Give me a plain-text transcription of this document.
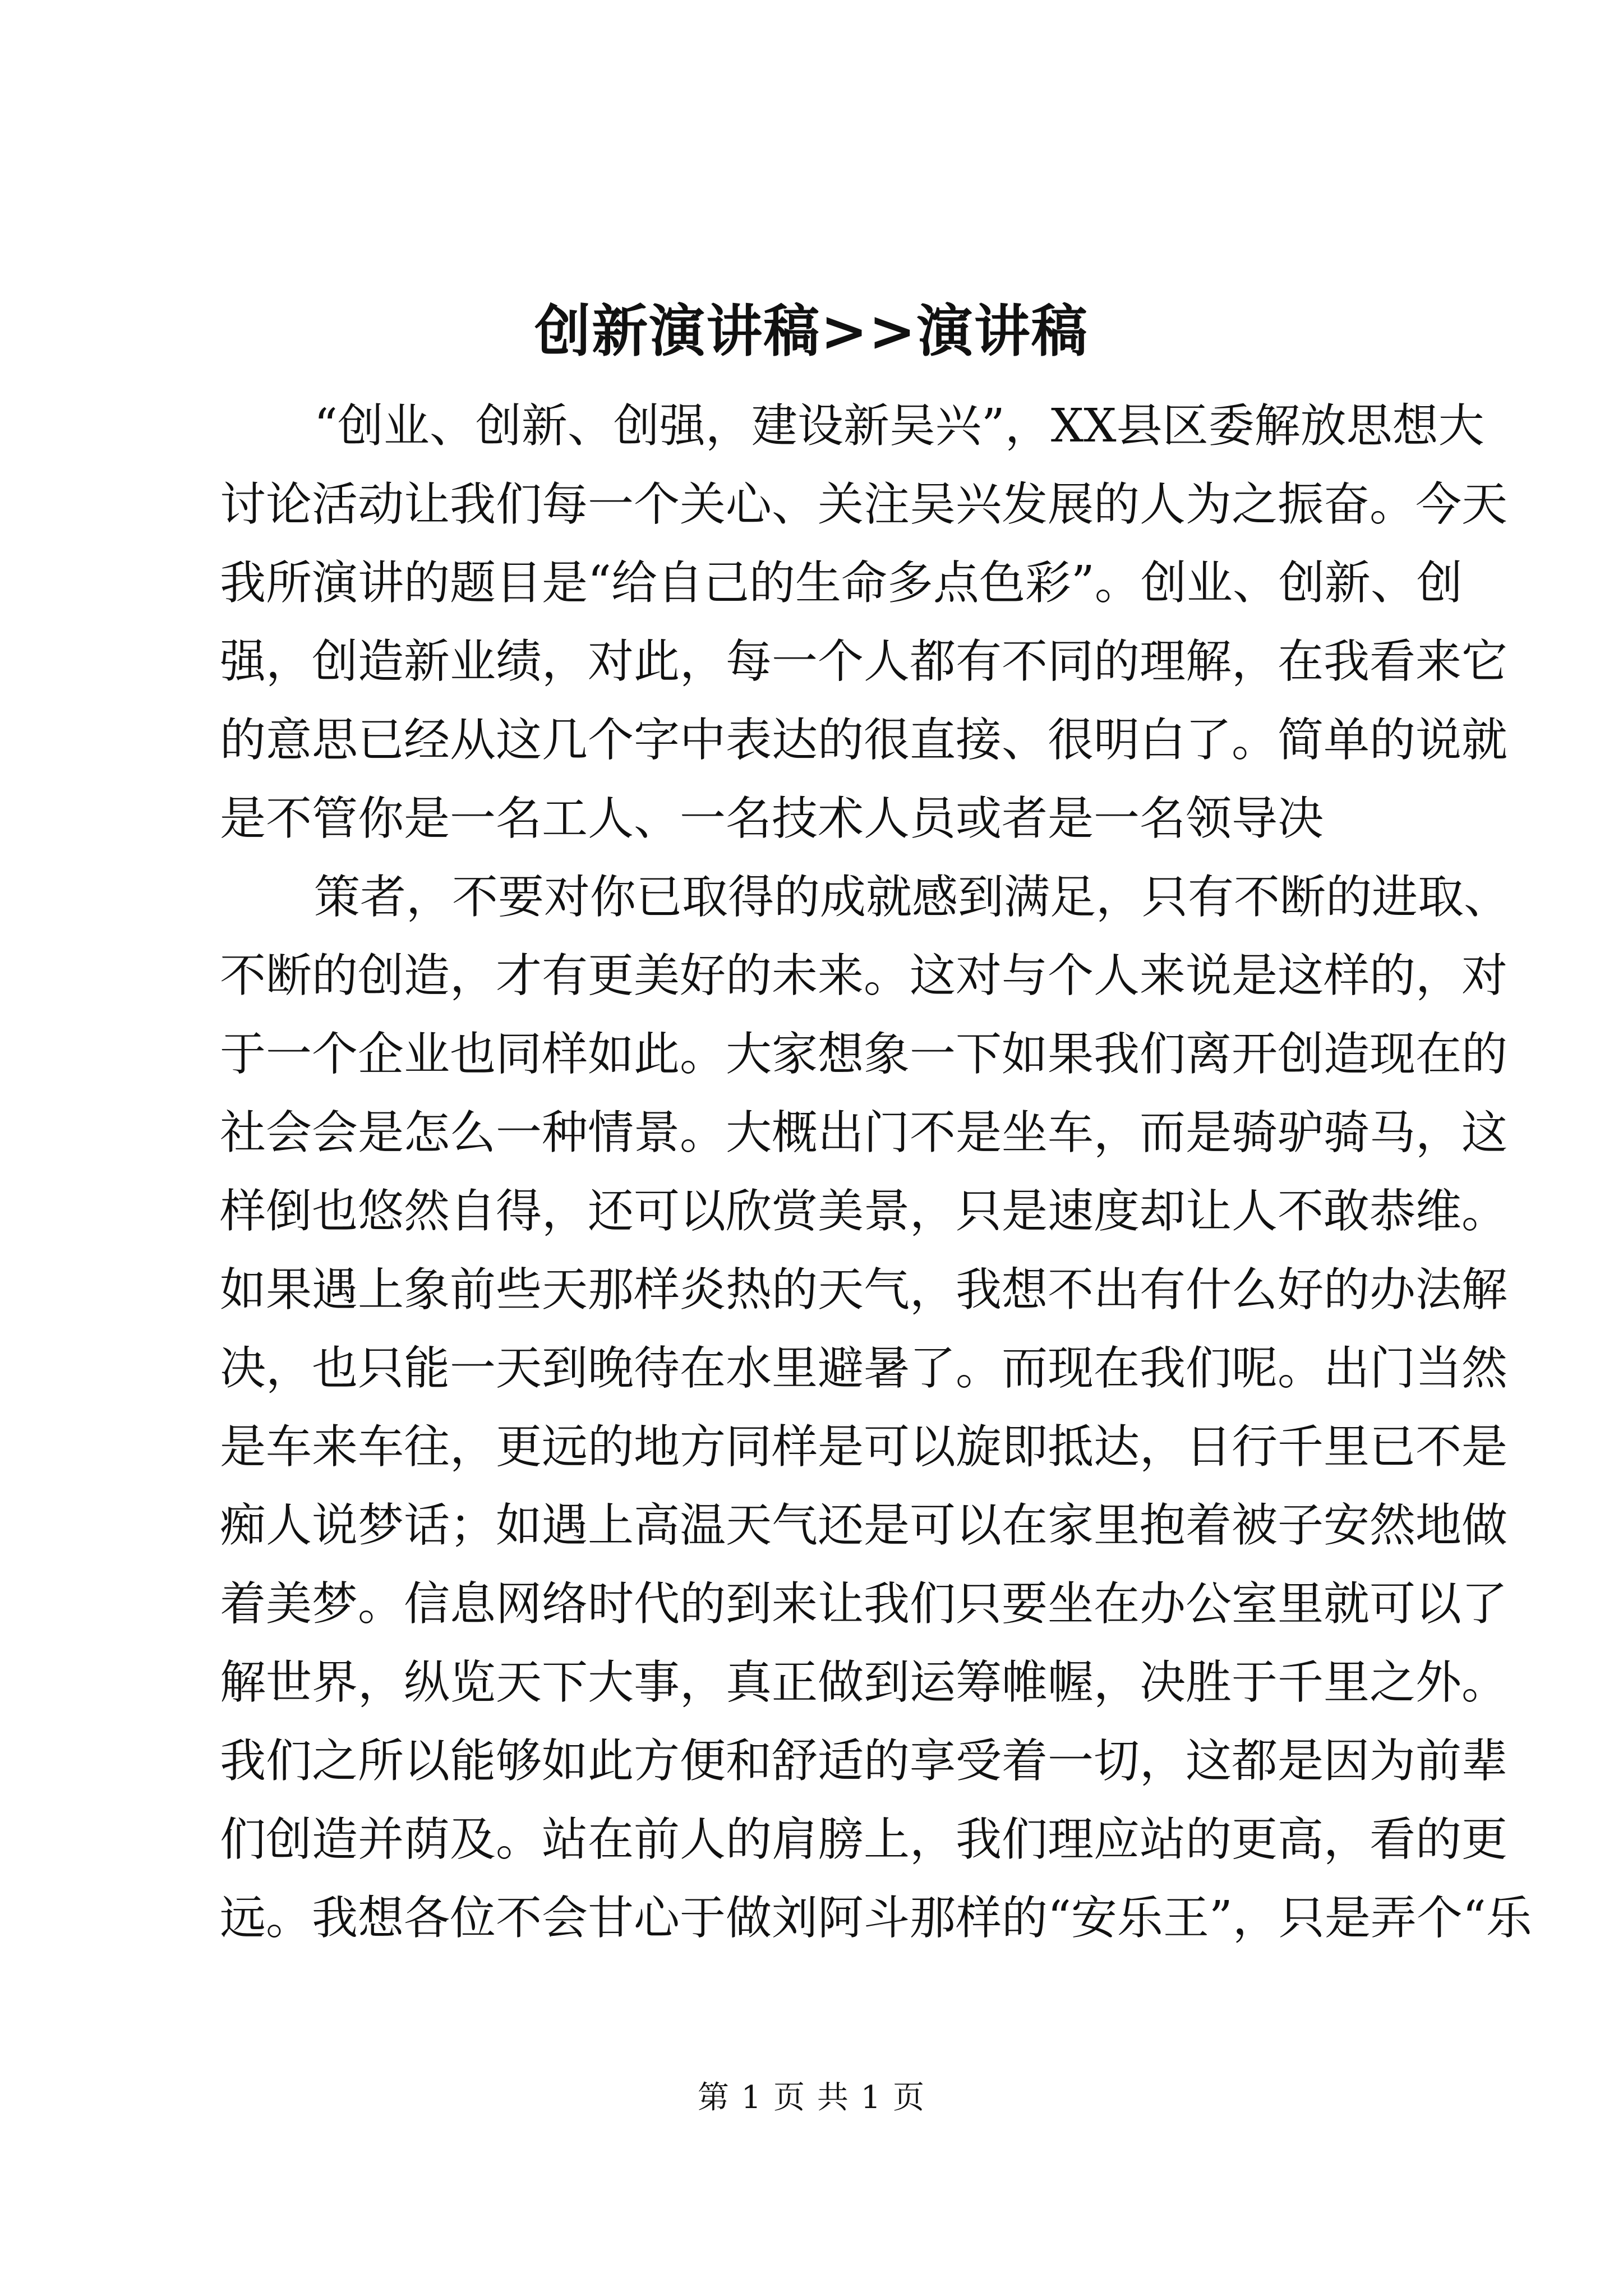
创新演讲稿>>演讲稿

“创业、创新、创强，建设新吴兴”，XX县区委解放思想大
讨论活动让我们每一个关心、关注吴兴发展的人为之振奋。今天
我所演讲的题目是“给自己的生命多点色彩”。创业、创新、创
强，创造新业绩，对此，每一个人都有不同的理解，在我看来它
的意思已经从这几个字中表达的很直接、很明白了。简单的说就
是不管你是一名工人、一名技术人员或者是一名领导决

策者，不要对你已取得的成就感到满足，只有不断的进取、
不断的创造，才有更美好的未来。这对与个人来说是这样的，对
于一个企业也同样如此。大家想象一下如果我们离开创造现在的
社会会是怎么一种情景。大概出门不是坐车，而是骑驴骑马，这
样倒也悠然自得，还可以欣赏美景，只是速度却让人不敢恭维。
如果遇上象前些天那样炎热的天气，我想不出有什么好的办法解
决，也只能一天到晚待在水里避暑了。而现在我们呢。出门当然
是车来车往，更远的地方同样是可以旋即抵达，日行千里已不是
痴人说梦话；如遇上高温天气还是可以在家里抱着被子安然地做
着美梦。信息网络时代的到来让我们只要坐在办公室里就可以了
解世界，纵览天下大事，真正做到运筹帷幄，决胜于千里之外。
我们之所以能够如此方便和舒适的享受着一切，这都是因为前辈
们创造并荫及。站在前人的肩膀上，我们理应站的更高，看的更
远。我想各位不会甘心于做刘阿斗那样的“安乐王”，只是弄个“乐

第 1 页 共 1 页
